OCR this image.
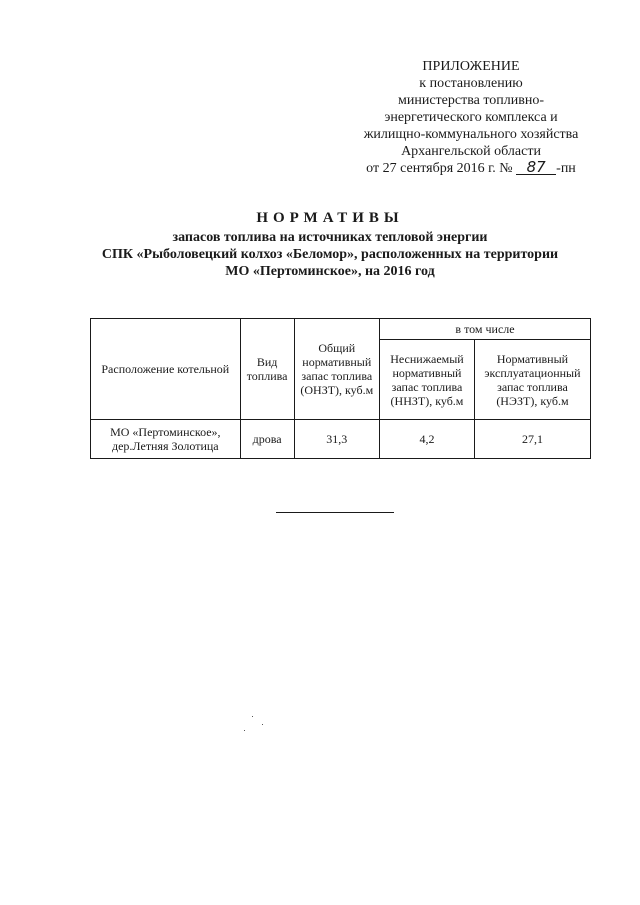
ПРИЛОЖЕНИЕ
к постановлению
министерства топливно-
энергетического комплекса и
жилищно-коммунального хозяйства
Архангельской области
от 27 сентября 2016 г. № 87 -пн
НОРМАТИВЫ
запасов топлива на источниках тепловой энергии
СПК «Рыболовецкий колхоз «Беломор», расположенных на территории
МО «Пертоминское», на 2016 год
Расположение котельной	Вид топлива	Общий нормативный запас топлива (ОНЗТ), куб.м	в том числе	
			Неснижаемый нормативный запас топлива (ННЗТ), куб.м	Нормативный эксплуатационный запас топлива (НЭЗТ), куб.м

МО «Пертоминское»,
дер.Летняя Золотица	дрова	31,3	4,2	27,1
